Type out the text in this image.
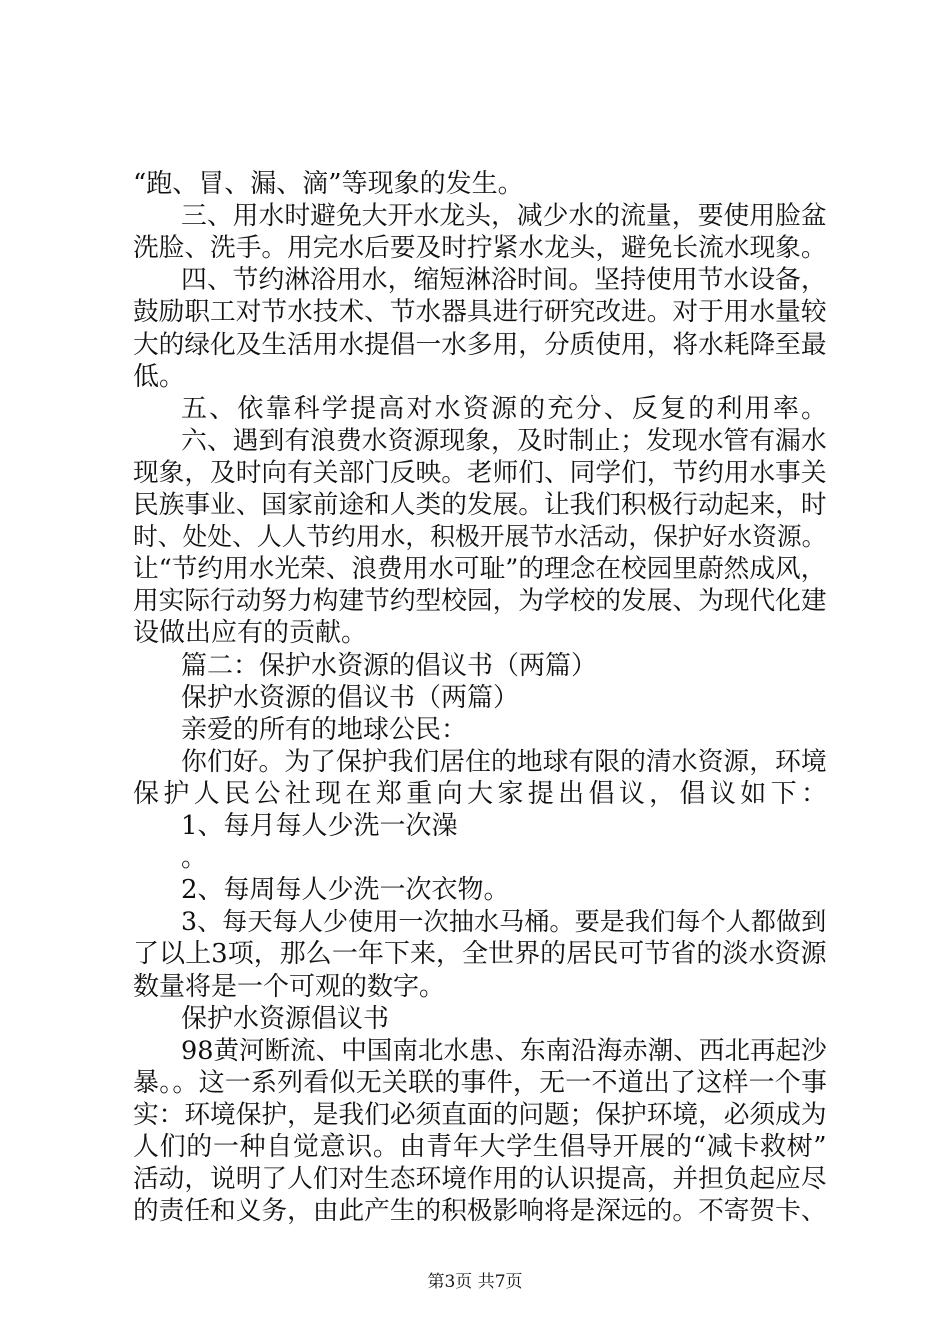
“跑、冒、漏、滴”等现象的发生。
三、用水时避免大开水龙头，减少水的流量，要使用脸盆
洗脸、洗手。用完水后要及时拧紧水龙头，避免长流水现象。
四、节约淋浴用水，缩短淋浴时间。坚持使用节水设备，
鼓励职工对节水技术、节水器具进行研究改进。对于用水量较
大的绿化及生活用水提倡一水多用，分质使用，将水耗降至最
低。
五、依靠科学提高对水资源的充分、反复的利用率。
六、遇到有浪费水资源现象，及时制止；发现水管有漏水
现象，及时向有关部门反映。老师们、同学们，节约用水事关
民族事业、国家前途和人类的发展。让我们积极行动起来，时
时、处处、人人节约用水，积极开展节水活动，保护好水资源。
让“节约用水光荣、浪费用水可耻”的理念在校园里蔚然成风，
用实际行动努力构建节约型校园，为学校的发展、为现代化建
设做出应有的贡献。
篇二：保护水资源的倡议书（两篇）
保护水资源的倡议书（两篇）
亲爱的所有的地球公民：
你们好。为了保护我们居住的地球有限的清水资源，环境
保护人民公社现在郑重向大家提出倡议，倡议如下：
1、每月每人少洗一次澡
。
2、每周每人少洗一次衣物。
3、每天每人少使用一次抽水马桶。要是我们每个人都做到
了以上3项，那么一年下来，全世界的居民可节省的淡水资源
数量将是一个可观的数字。
保护水资源倡议书
98黄河断流、中国南北水患、东南沿海赤潮、西北再起沙
暴。。这一系列看似无关联的事件，无一不道出了这样一个事
实：环境保护，是我们必须直面的问题；保护环境，必须成为
人们的一种自觉意识。由青年大学生倡导开展的“减卡救树”
活动，说明了人们对生态环境作用的认识提高，并担负起应尽
的责任和义务，由此产生的积极影响将是深远的。不寄贺卡、
第3页 共7页
